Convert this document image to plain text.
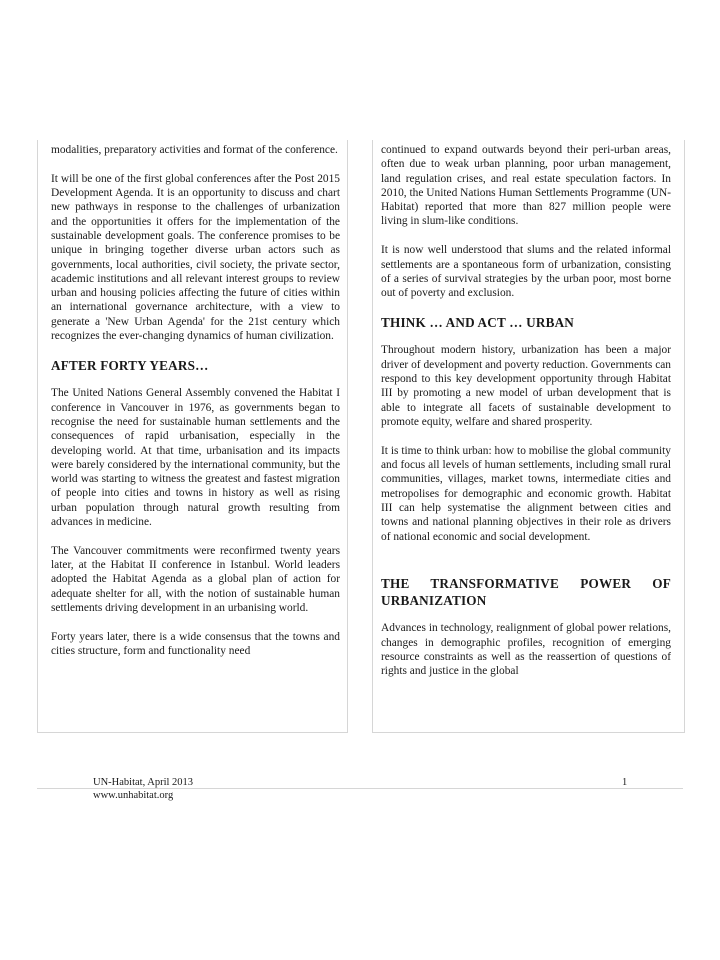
modalities, preparatory activities and format of the conference.

It will be one of the first global conferences after the Post 2015 Development Agenda. It is an opportunity to discuss and chart new pathways in response to the challenges of urbanization and the opportunities it offers for the implementation of the sustainable development goals. The conference promises to be unique in bringing together diverse urban actors such as governments, local authorities, civil society, the private sector, academic institutions and all relevant interest groups to review urban and housing policies affecting the future of cities within an international governance architecture, with a view to generate a 'New Urban Agenda' for the 21st century which recognizes the ever-changing dynamics of human civilization.

AFTER FORTY YEARS…

The United Nations General Assembly convened the Habitat I conference in Vancouver in 1976, as governments began to recognise the need for sustainable human settlements and the consequences of rapid urbanisation, especially in the developing world. At that time, urbanisation and its impacts were barely considered by the international community, but the world was starting to witness the greatest and fastest migration of people into cities and towns in history as well as rising urban population through natural growth resulting from advances in medicine.

The Vancouver commitments were reconfirmed twenty years later, at the Habitat II conference in Istanbul. World leaders adopted the Habitat Agenda as a global plan of action for adequate shelter for all, with the notion of sustainable human settlements driving development in an urbanising world.

Forty years later, there is a wide consensus that the towns and cities structure, form and functionality need

continued to expand outwards beyond their peri-urban areas, often due to weak urban planning, poor urban management, land regulation crises, and real estate speculation factors. In 2010, the United Nations Human Settlements Programme (UN-Habitat) reported that more than 827 million people were living in slum-like conditions.

It is now well understood that slums and the related informal settlements are a spontaneous form of urbanization, consisting of a series of survival strategies by the urban poor, most borne out of poverty and exclusion.

THINK … AND ACT … URBAN

Throughout modern history, urbanization has been a major driver of development and poverty reduction. Governments can respond to this key development opportunity through Habitat III by promoting a new model of urban development that is able to integrate all facets of sustainable development to promote equity, welfare and shared prosperity.

It is time to think urban: how to mobilise the global community and focus all levels of human settlements, including small rural communities, villages, market towns, intermediate cities and metropolises for demographic and economic growth. Habitat III can help systematise the alignment between cities and towns and national planning objectives in their role as drivers of national economic and social development.

THE TRANSFORMATIVE POWER OF URBANIZATION

Advances in technology, realignment of global power relations, changes in demographic profiles, recognition of emerging resource constraints as well as the reassertion of questions of rights and justice in the global

UN-Habitat, April 2013
www.unhabitat.org
1
